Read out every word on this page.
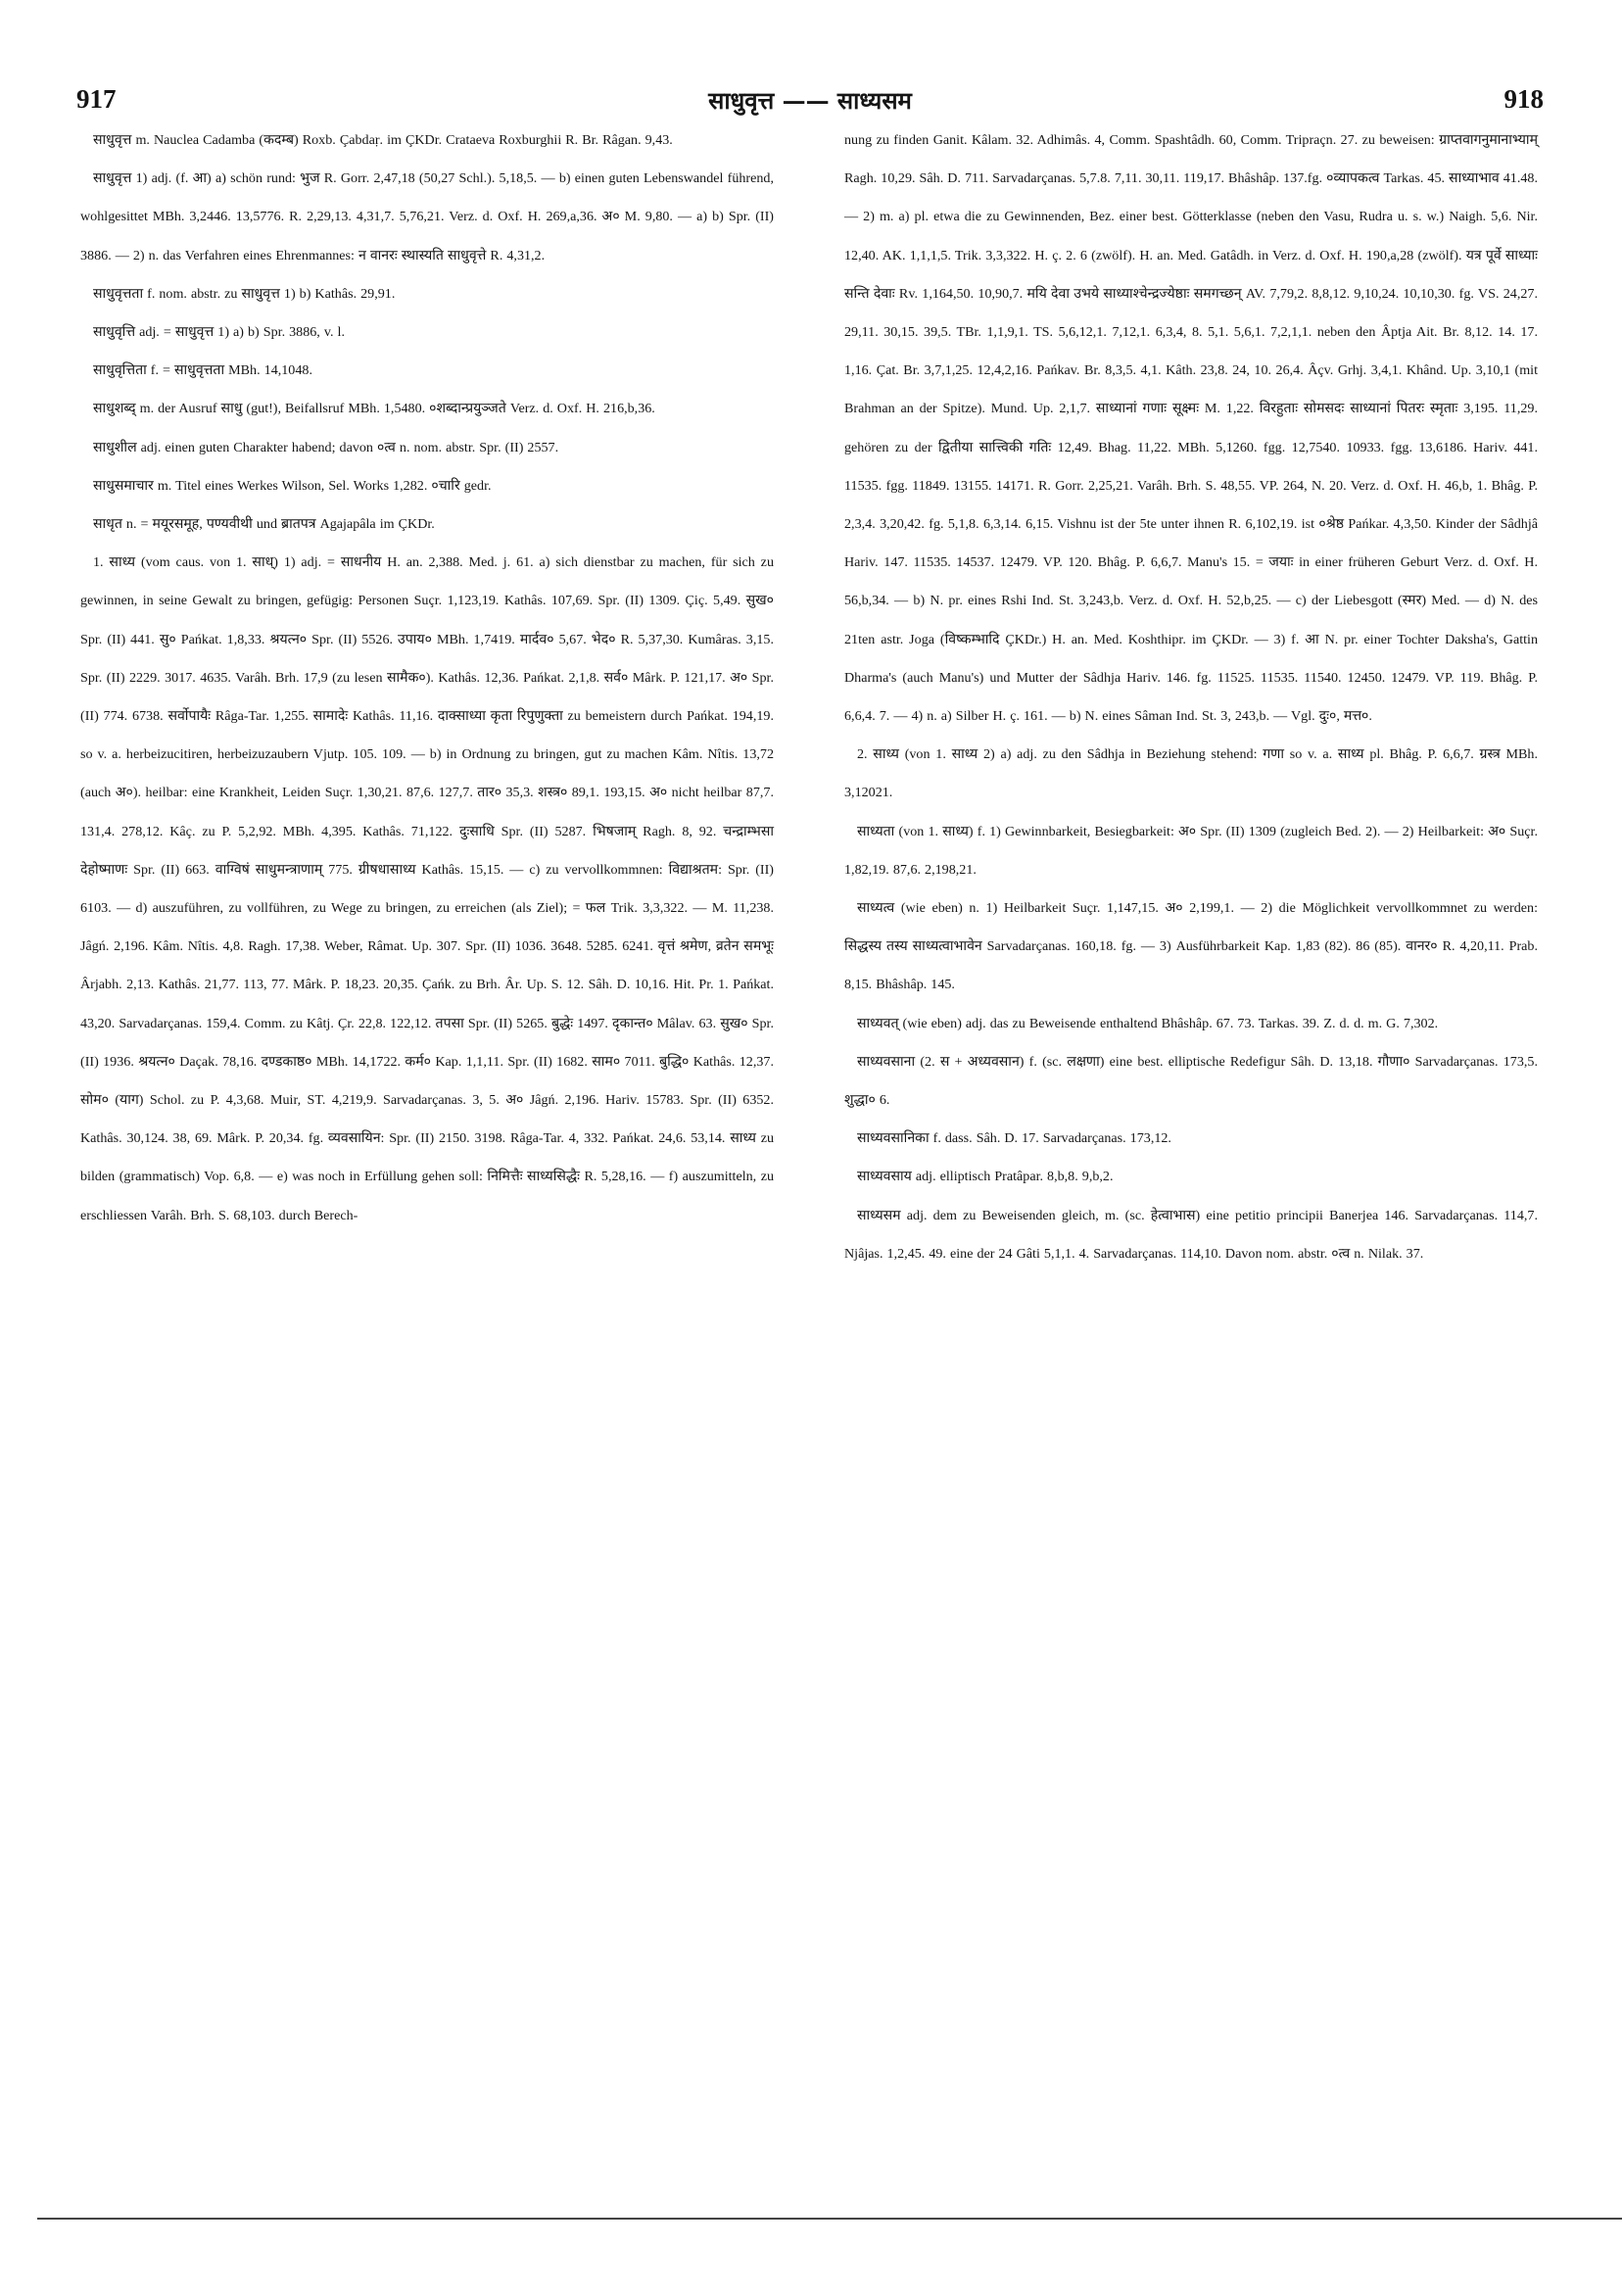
917	साधुवृत्त —— साध्यसम	918

साधुवृत्त m. Nauclea Cadamba (कदम्ब) Roxb. Çabdaṛ. im ÇKDr. Crataeva Roxburghii R. Br. Râgan. 9,43.

साधुवृत्त 1) adj. (f. आ) a) schön rund: भुज R. Gorr. 2,47,18 (50,27 Schl.). 5,18,5. — b) einen guten Lebenswandel führend, wohlgesittet MBh. 3,2446. 13,5776. R. 2,29,13. 4,31,7. 5,76,21. Verz. d. Oxf. H. 269,a,36. अ० M. 9,80. — a) b) Spr. (II) 3886. — 2) n. das Verfahren eines Ehrenmannes: न वानरः स्थास्यति साधुवृत्ते R. 4,31,2.

साधुवृत्तता f. nom. abstr. zu साधुवृत्त 1) b) Kathâs. 29,91.

साधुवृत्ति adj. = साधुवृत्त 1) a) b) Spr. 3886, v. l.

साधुवृत्तिता f. = साधुवृत्तता MBh. 14,1048.

साधुशब्द् m. der Ausruf साधु (gut!), Beifallsruf MBh. 1,5480. ०शब्दान्प्रयुञ्जते Verz. d. Oxf. H. 216,b,36.

साधुशील adj. einen guten Charakter habend; davon ०त्व n. nom. abstr. Spr. (II) 2557.

साधुसमाचार m. Titel eines Werkes Wilson, Sel. Works 1,282. ०चारि gedr.

साधृत n. = मयूरसमूह, पण्यवीथी und ब्रातपत्र Agajapâla im ÇKDr.

1. साध्य (vom caus. von 1. साध्) 1) adj. = साधनीय H. an. 2,388. Med. j. 61. a) sich dienstbar zu machen, für sich zu gewinnen, in seine Gewalt zu bringen, gefügig: Personen Suçr. 1,123,19. Kathâs. 107,69. Spr. (II) 1309. Çiç. 5,49. सुख० Spr. (II) 441. सु० Pańkat. 1,8,33. श्रयत्न० Spr. (II) 5526. उपाय० MBh. 1,7419. मार्दव० 5,67. भेद० R. 5,37,30. Kumâras. 3,15. Spr. (II) 2229. 3017. 4635. Varâh. Brh. 17,9 (zu lesen सामैक०). Kathâs. 12,36. Pańkat. 2,1,8. सर्व० Mârk. P. 121,17. अ० Spr. (II) 774. 6738. सर्वोपायैः Râga-Tar. 1,255. सामादेः Kathâs. 11,16. दाक्साध्या कृता रिपुणुक्ता zu bemeistern durch Pańkat. 194,19. so v. a. herbeizucitiren, herbeizuzaubern Vjutp. 105. 109. — b) in Ordnung zu bringen, gut zu machen Kâm. Nîtis. 13,72 (auch अ०). heilbar: eine Krankheit, Leiden Suçr. 1,30,21. 87,6. 127,7. तार० 35,3. शस्त्र० 89,1. 193,15. अ० nicht heilbar 87,7. 131,4. 278,12. Kâç. zu P. 5,2,92. MBh. 4,395. Kathâs. 71,122. दुःसाधि Spr. (II) 5287. भिषजाम् Ragh. 8, 92. चन्द्राम्भसा देहोष्माणः Spr. (II) 663. वाग्विषं साधुमन्त्राणाम् 775. ग्रीषधासाध्य Kathâs. 15,15. — c) zu vervollkommnen: विद्याश्रतम: Spr. (II) 6103. — d) auszuführen, zu vollführen, zu Wege zu bringen, zu erreichen (als Ziel); = फल Trik. 3,3,322. — M. 11,238. Jâgń. 2,196. Kâm. Nîtis. 4,8. Ragh. 17,38. Weber, Râmat. Up. 307. Spr. (II) 1036. 3648. 5285. 6241. वृत्तं श्रमेण, व्रतेन समभूः Ârjabh. 2,13. Kathâs. 21,77. 113, 77. Mârk. P. 18,23. 20,35. Çańk. zu Brh. Âr. Up. S. 12. Sâh. D. 10,16. Hit. Pr. 1. Pańkat. 43,20. Sarvadarçanas. 159,4. Comm. zu Kâtj. Çr. 22,8. 122,12. तपसा Spr. (II) 5265. बुद्धेः 1497. दृकान्त० Mâlav. 63. सुख० Spr. (II) 1936. श्रयत्न० Daçak. 78,16. दण्डकाष्ठ० MBh. 14,1722. कर्म० Kap. 1,1,11. Spr. (II) 1682. साम० 7011. बुद्धि० Kathâs. 12,37. सोम० (याग) Schol. zu P. 4,3,68. Muir, ST. 4,219,9. Sarvadarçanas. 3, 5. अ० Jâgń. 2,196. Hariv. 15783. Spr. (II) 6352. Kathâs. 30,124. 38, 69. Mârk. P. 20,34. fg. व्यवसायिन: Spr. (II) 2150. 3198. Râga-Tar. 4, 332. Pańkat. 24,6. 53,14. साध्य zu bilden (grammatisch) Vop. 6,8. — e) was noch in Erfüllung gehen soll: निमित्तैः साध्यसिद्धैः R. 5,28,16. — f) auszumitteln, zu erschliessen Varâh. Brh. S. 68,103. durch Berech-

nung zu finden Ganit. Kâlam. 32. Adhimâs. 4, Comm. Spashtâdh. 60, Comm. Tripraçn. 27. zu beweisen: ग्राप्तवागनुमानाभ्याम् Ragh. 10,29. Sâh. D. 711. Sarvadarçanas. 5,7.8. 7,11. 30,11. 119,17. Bhâshâp. 137.fg. ०व्यापकत्व Tarkas. 45. साध्याभाव 41.48. — 2) m. a) pl. etwa die zu Gewinnenden, Bez. einer best. Götterklasse (neben den Vasu, Rudra u. s. w.) Naigh. 5,6. Nir. 12,40. AK. 1,1,1,5. Trik. 3,3,322. H. ç. 2. 6 (zwölf). H. an. Med. Gatâdh. in Verz. d. Oxf. H. 190,a,28 (zwölf). यत्र पूर्वे साध्याः सन्ति देवाः Rv. 1,164,50. 10,90,7. मयि देवा उभये साध्याश्चेन्द्रज्येष्ठाः समगच्छन् AV. 7,79,2. 8,8,12. 9,10,24. 10,10,30. fg. VS. 24,27. 29,11. 30,15. 39,5. TBr. 1,1,9,1. TS. 5,6,12,1. 7,12,1. 6,3,4, 8. 5,1. 5,6,1. 7,2,1,1. neben den Âptja Ait. Br. 8,12. 14. 17. 1,16. Çat. Br. 3,7,1,25. 12,4,2,16. Pańkav. Br. 8,3,5. 4,1. Kâth. 23,8. 24, 10. 26,4. Âçv. Grhj. 3,4,1. Khând. Up. 3,10,1 (mit Brahman an der Spitze). Mund. Up. 2,1,7. साध्यानां गणाः सूक्ष्मः M. 1,22. विरहुताः सोमसदः साध्यानां पितरः स्मृताः 3,195. 11,29. gehören zu der द्वितीया सात्त्विकी गतिः 12,49. Bhag. 11,22. MBh. 5,1260. fgg. 12,7540. 10933. fgg. 13,6186. Hariv. 441. 11535. fgg. 11849. 13155. 14171. R. Gorr. 2,25,21. Varâh. Brh. S. 48,55. VP. 264, N. 20. Verz. d. Oxf. H. 46,b, 1. Bhâg. P. 2,3,4. 3,20,42. fg. 5,1,8. 6,3,14. 6,15. Vishnu ist der 5te unter ihnen R. 6,102,19. ist ०श्रेष्ठ Pańkar. 4,3,50. Kinder der Sâdhjâ Hariv. 147. 11535. 14537. 12479. VP. 120. Bhâg. P. 6,6,7. Manu's 15. = जयाः in einer früheren Geburt Verz. d. Oxf. H. 56,b,34. — b) N. pr. eines Rshi Ind. St. 3,243,b. Verz. d. Oxf. H. 52,b,25. — c) der Liebesgott (स्मर) Med. — d) N. des 21ten astr. Joga (विष्कम्भादि ÇKDr.) H. an. Med. Koshthipr. im ÇKDr. — 3) f. आ N. pr. einer Tochter Daksha's, Gattin Dharma's (auch Manu's) und Mutter der Sâdhja Hariv. 146. fg. 11525. 11535. 11540. 12450. 12479. VP. 119. Bhâg. P. 6,6,4. 7. — 4) n. a) Silber H. ç. 161. — b) N. eines Sâman Ind. St. 3, 243,b. — Vgl. दुः०, मत्त०.

2. साध्य (von 1. साध्य 2) a) adj. zu den Sâdhja in Beziehung stehend: गणा so v. a. साध्य pl. Bhâg. P. 6,6,7. ग्रस्त्र MBh. 3,12021.

साध्यता (von 1. साध्य) f. 1) Gewinnbarkeit, Besiegbarkeit: अ० Spr. (II) 1309 (zugleich Bed. 2). — 2) Heilbarkeit: अ० Suçr. 1,82,19. 87,6. 2,198,21.

साध्यत्व (wie eben) n. 1) Heilbarkeit Suçr. 1,147,15. अ० 2,199,1. — 2) die Möglichkeit vervollkommnet zu werden: सिद्धस्य तस्य साध्यत्वाभावेन Sarvadarçanas. 160,18. fg. — 3) Ausführbarkeit Kap. 1,83 (82). 86 (85). वानर० R. 4,20,11. Prab. 8,15. Bhâshâp. 145.

साध्यवत् (wie eben) adj. das zu Beweisende enthaltend Bhâshâp. 67. 73. Tarkas. 39. Z. d. d. m. G. 7,302.

साध्यवसाना (2. स + अध्यवसान) f. (sc. लक्षणा) eine best. elliptische Redefigur Sâh. D. 13,18. गौणा० Sarvadarçanas. 173,5. शुद्धा० 6.

साध्यवसानिका f. dass. Sâh. D. 17. Sarvadarçanas. 173,12.

साध्यवसाय adj. elliptisch Pratâpar. 8,b,8. 9,b,2.

साध्यसम adj. dem zu Beweisenden gleich, m. (sc. हेत्वाभास) eine petitio principii Banerjea 146. Sarvadarçanas. 114,7. Njâjas. 1,2,45. 49. eine der 24 Gâti 5,1,1. 4. Sarvadarçanas. 114,10. Davon nom. abstr. ०त्व n. Nilak. 37.
